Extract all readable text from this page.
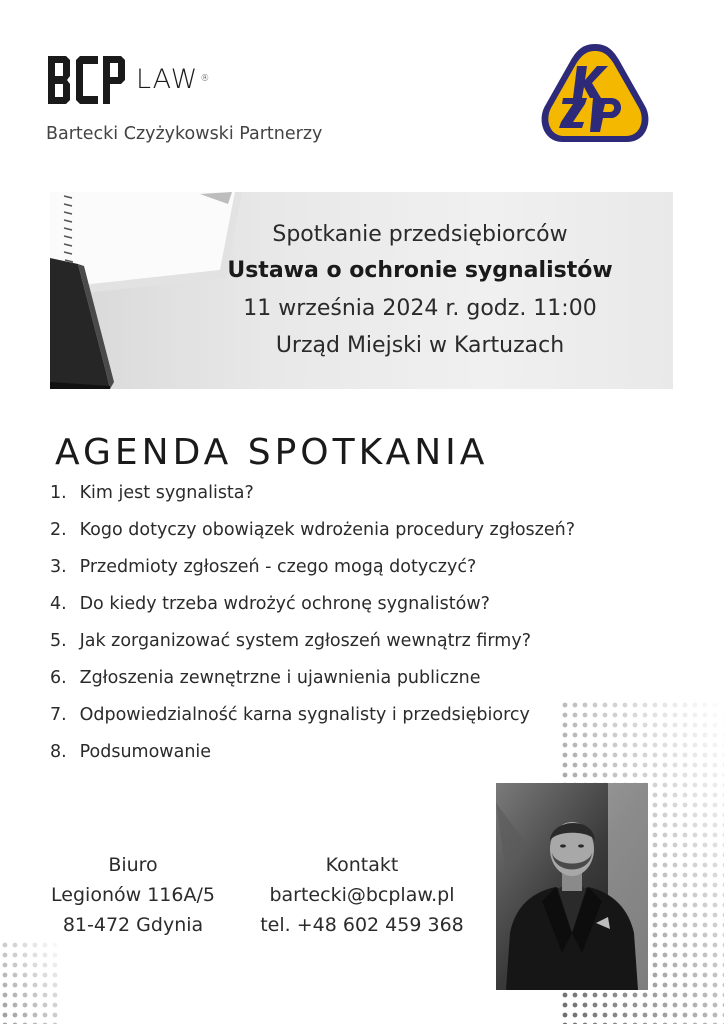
LAW ®
Bartecki Czyżykowski Partnerzy
Spotkanie przedsiębiorców
Ustawa o ochronie sygnalistów
11 września 2024 r. godz. 11:00
Urząd Miejski w Kartuzach
AGENDA SPOTKANIA
1. Kim jest sygnalista?
2. Kogo dotyczy obowiązek wdrożenia procedury zgłoszeń?
3. Przedmioty zgłoszeń - czego mogą dotyczyć?
4. Do kiedy trzeba wdrożyć ochronę sygnalistów?
5. Jak zorganizować system zgłoszeń wewnątrz firmy?
6. Zgłoszenia zewnętrzne i ujawnienia publiczne
7. Odpowiedzialność karna sygnalisty i przedsiębiorcy
8. Podsumowanie
Biuro
Legionów 116A/5
81-472 Gdynia
Kontakt
bartecki@bcplaw.pl
tel. +48 602 459 368
